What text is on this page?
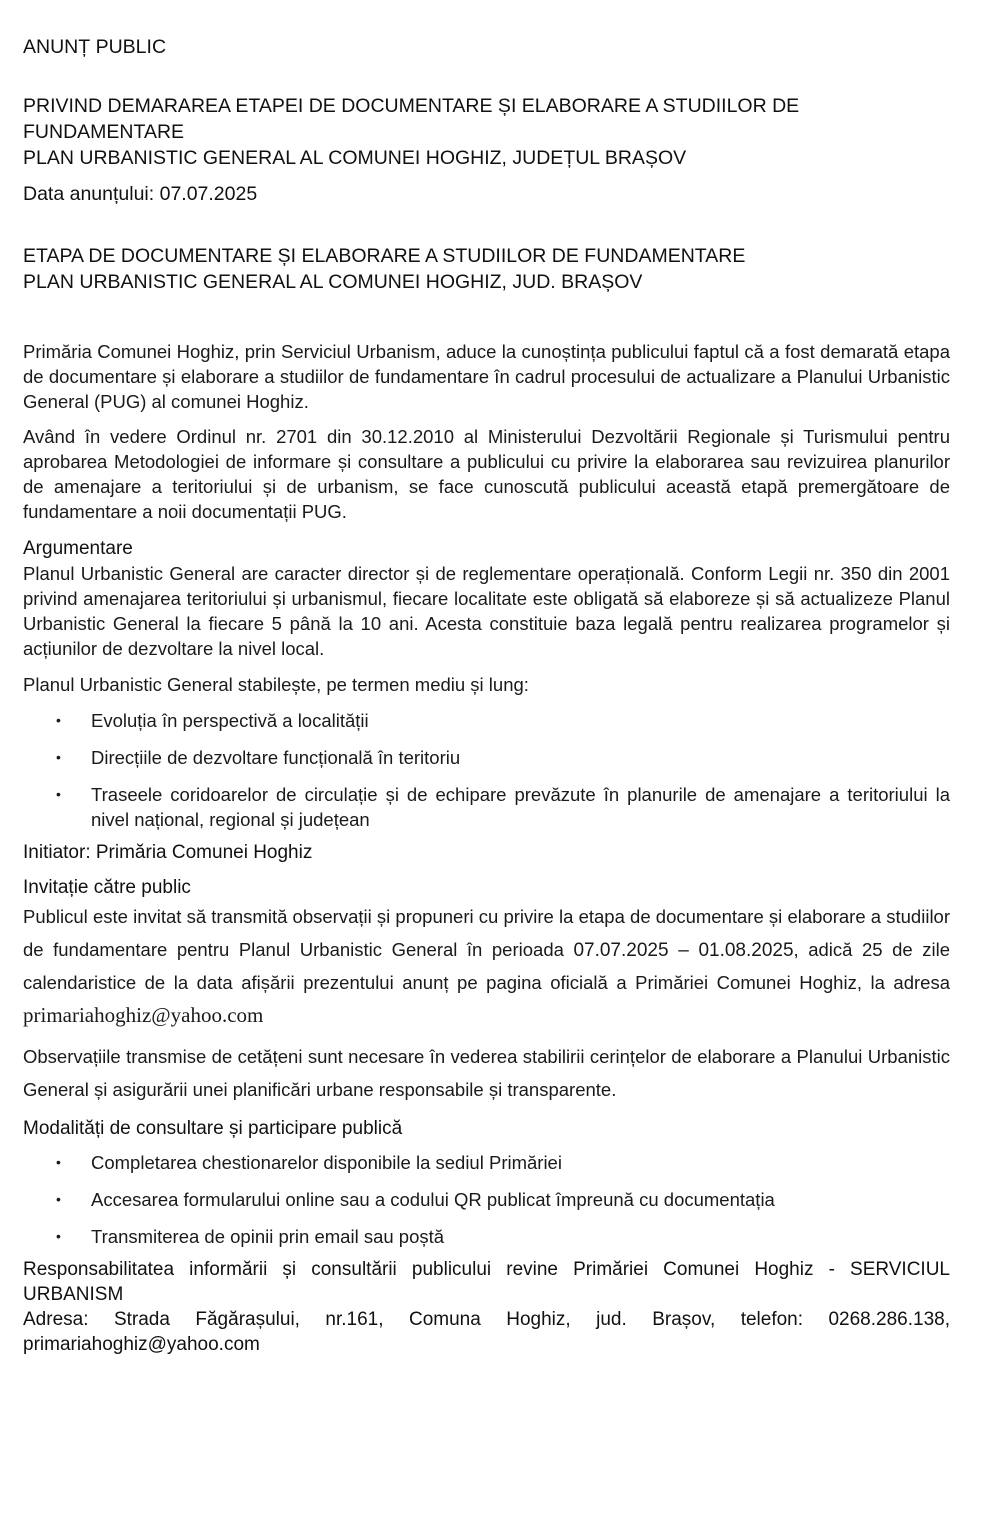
ANUNȚ PUBLIC
PRIVIND DEMARAREA ETAPEI DE DOCUMENTARE ȘI ELABORARE A STUDIILOR DE FUNDAMENTARE
PLAN URBANISTIC GENERAL AL COMUNEI HOGHIZ, JUDEȚUL BRAȘOV
Data anunțului: 07.07.2025
ETAPA DE DOCUMENTARE ȘI ELABORARE A STUDIILOR DE FUNDAMENTARE
PLAN URBANISTIC GENERAL AL COMUNEI HOGHIZ, JUD. BRAȘOV

Primăria Comunei Hoghiz, prin Serviciul Urbanism, aduce la cunoștința publicului faptul că a fost demarată etapa de documentare și elaborare a studiilor de fundamentare în cadrul procesului de actualizare a Planului Urbanistic General (PUG) al comunei Hoghiz.

Având în vedere Ordinul nr. 2701 din 30.12.2010 al Ministerului Dezvoltării Regionale și Turismului pentru aprobarea Metodologiei de informare și consultare a publicului cu privire la elaborarea sau revizuirea planurilor de amenajare a teritoriului și de urbanism, se face cunoscută publicului această etapă premergătoare de fundamentare a noii documentații PUG.

Argumentare

Planul Urbanistic General are caracter director și de reglementare operațională. Conform Legii nr. 350 din 2001 privind amenajarea teritoriului și urbanismul, fiecare localitate este obligată să elaboreze și să actualizeze Planul Urbanistic General la fiecare 5 până la 10 ani. Acesta constituie baza legală pentru realizarea programelor și acțiunilor de dezvoltare la nivel local.

Planul Urbanistic General stabilește, pe termen mediu și lung:

• Evoluția în perspectivă a localității
• Direcțiile de dezvoltare funcțională în teritoriu
• Traseele coridoarelor de circulație și de echipare prevăzute în planurile de amenajare a teritoriului la nivel național, regional și județean
Initiator: Primăria Comunei Hoghiz
Invitație către public

Publicul este invitat să transmită observații și propuneri cu privire la etapa de documentare și elaborare a studiilor de fundamentare pentru Planul Urbanistic General în perioada 07.07.2025 – 01.08.2025, adică 25 de zile calendaristice de la data afișării prezentului anunț pe pagina oficială a Primăriei Comunei Hoghiz, la adresa primariahoghiz@yahoo.com

Observațiile transmise de cetățeni sunt necesare în vederea stabilirii cerințelor de elaborare a Planului Urbanistic General și asigurării unei planificări urbane responsabile și transparente.

Modalități de consultare și participare publică
• Completarea chestionarelor disponibile la sediul Primăriei
• Accesarea formularului online sau a codului QR publicat împreună cu documentația
• Transmiterea de opinii prin email sau poștă
Responsabilitatea informării și consultării publicului revine Primăriei Comunei Hoghiz - SERVICIUL URBANISM
Adresa: Strada Făgărașului, nr.161, Comuna Hoghiz, jud. Brașov, telefon: 0268.286.138, primariahoghiz@yahoo.com
